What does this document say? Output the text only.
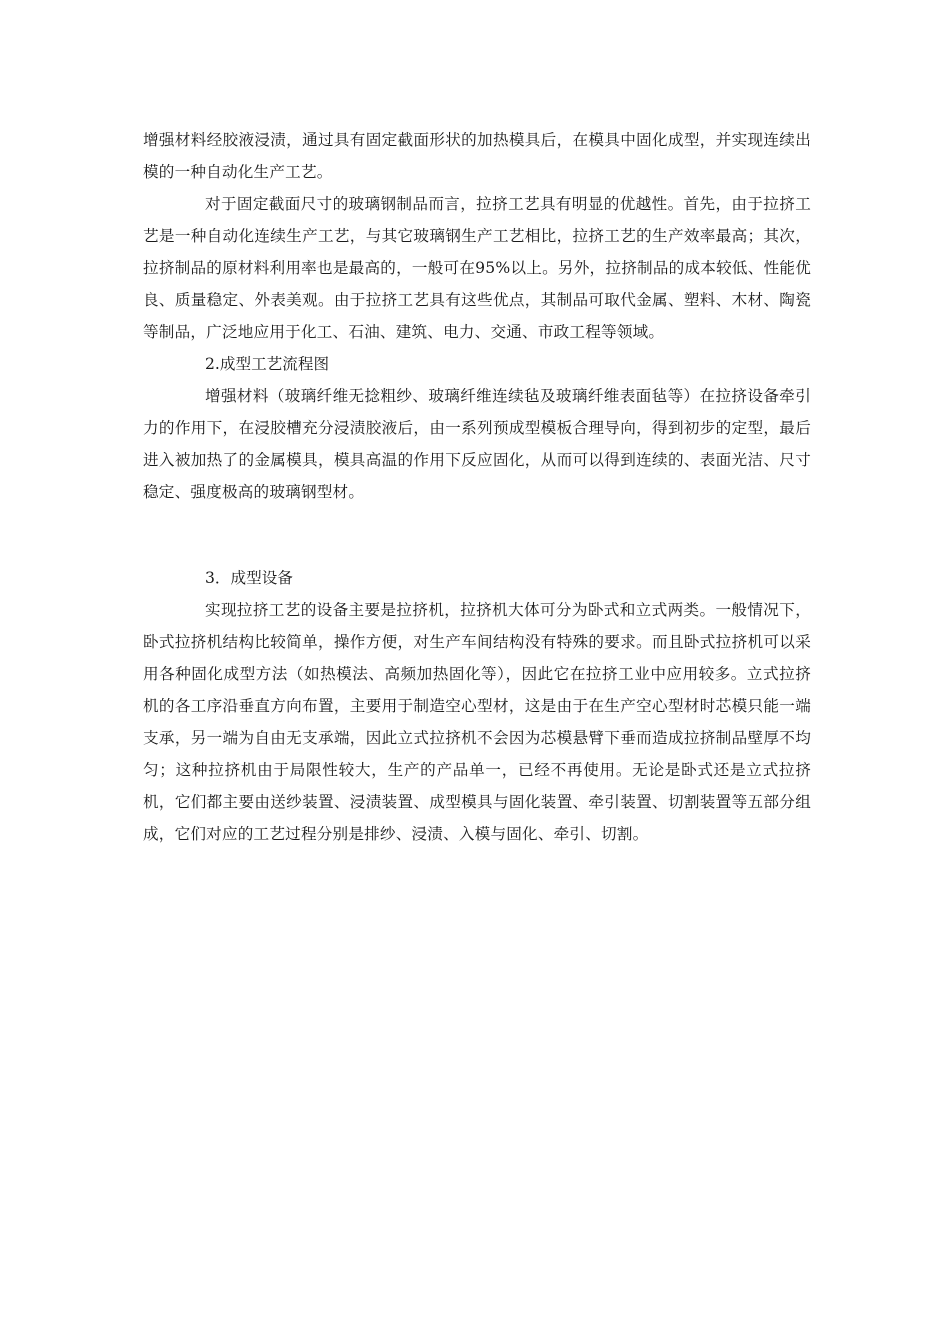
增强材料经胶液浸渍，通过具有固定截面形状的加热模具后，在模具中固化成型，并实现连续出模的一种自动化生产工艺。

对于固定截面尺寸的玻璃钢制品而言，拉挤工艺具有明显的优越性。首先，由于拉挤工艺是一种自动化连续生产工艺，与其它玻璃钢生产工艺相比，拉挤工艺的生产效率最高；其次，拉挤制品的原材料利用率也是最高的，一般可在95%以上。另外，拉挤制品的成本较低、性能优良、质量稳定、外表美观。由于拉挤工艺具有这些优点，其制品可取代金属、塑料、木材、陶瓷等制品，广泛地应用于化工、石油、建筑、电力、交通、市政工程等领域。

2.成型工艺流程图

增强材料（玻璃纤维无捻粗纱、玻璃纤维连续毡及玻璃纤维表面毡等）在拉挤设备牵引力的作用下，在浸胶槽充分浸渍胶液后，由一系列预成型模板合理导向，得到初步的定型，最后进入被加热了的金属模具，模具高温的作用下反应固化，从而可以得到连续的、表面光洁、尺寸稳定、强度极高的玻璃钢型材。

3．成型设备

实现拉挤工艺的设备主要是拉挤机，拉挤机大体可分为卧式和立式两类。一般情况下，卧式拉挤机结构比较简单，操作方便，对生产车间结构没有特殊的要求。而且卧式拉挤机可以采用各种固化成型方法（如热模法、高频加热固化等），因此它在拉挤工业中应用较多。立式拉挤机的各工序沿垂直方向布置，主要用于制造空心型材，这是由于在生产空心型材时芯模只能一端支承，另一端为自由无支承端，因此立式拉挤机不会因为芯模悬臂下垂而造成拉挤制品壁厚不均匀；这种拉挤机由于局限性较大，生产的产品单一，已经不再使用。无论是卧式还是立式拉挤机，它们都主要由送纱装置、浸渍装置、成型模具与固化装置、牵引装置、切割装置等五部分组成，它们对应的工艺过程分别是排纱、浸渍、入模与固化、牵引、切割。
